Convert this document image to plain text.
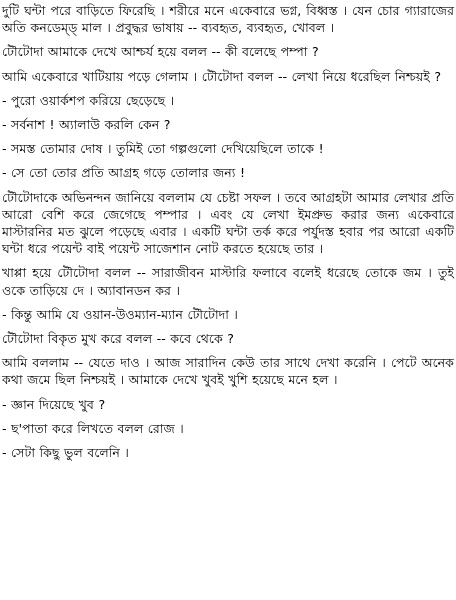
দুটি ঘন্টা পরে বাড়িতে ফিরেছি । শরীরে মনে একেবারে ভগ্ন, বিধ্বস্ত । যেন চোর গ্যারাজের অতি কনডেম্ড্ মাল । প্রবুদ্ধর ভাষায় -- ব্যবহৃত, ব্যবহৃত, খোবল ।

টৌটোদা আমাকে দেখে আশ্চর্য হয়ে বলল -- কী বলেছে পম্পা ?

আমি একেবারে খাটিয়ায় পড়ে গেলাম । টৌটোদা বলল -- লেখা নিয়ে ধরেছিল নিশ্চয়ই ?

- পুরো ওয়ার্কশপ করিয়ে ছেড়েছে ।

- সর্বনাশ ! অ্যালাউ করলি কেন ?

- সমস্ত তোমার দোষ । তুমিই তো গল্পগুলো দেখিয়েছিলে তাকে !

- সে তো তোর প্রতি আগ্রহ গড়ে তোলার জন্য !

টৌটোদাকে অভিনন্দন জানিয়ে বললাম যে চেষ্টা সফল । তবে আগ্রহটা আমার লেখার প্রতি আরো বেশি করে জেগেছে পম্পার । এবং যে লেখা ইমপ্রুভ করার জন্য একেবারে মাস্টারনির মত ঝুলে পড়েছে এবার । একটি ঘন্টা তর্ক করে পর্যুদস্ত হবার পর আরো একটি ঘন্টা ধরে পয়েন্ট বাই পয়েন্ট সাজেশান নোট করতে হয়েছে তার ।

খাপ্পা হয়ে টৌটোদা বলল -- সারাজীবন মাস্টারি ফলাবে বলেই ধরেছে তোকে জম । তুই ওকে তাড়িয়ে দে । অ্যাবানডন কর ।

- কিন্তু আমি যে ওয়ান-উওম্যান-ম্যান টৌটোদা ।

টৌটোদা বিকৃত মুখ করে বলল -- কবে থেকে ?

আমি বললাম -- যেতে দাও । আজ সারাদিন কেউ তার সাথে দেখা করেনি । পেটে অনেক কথা জমে ছিল নিশ্চয়ই । আমাকে দেখে খুবই খুশি হয়েছে মনে হল ।

- জ্ঞান দিয়েছে খুব ?

- ছ'পাতা করে লিখতে বলল রোজ ।

- সেটা কিছু ভুল বলেনি ।
